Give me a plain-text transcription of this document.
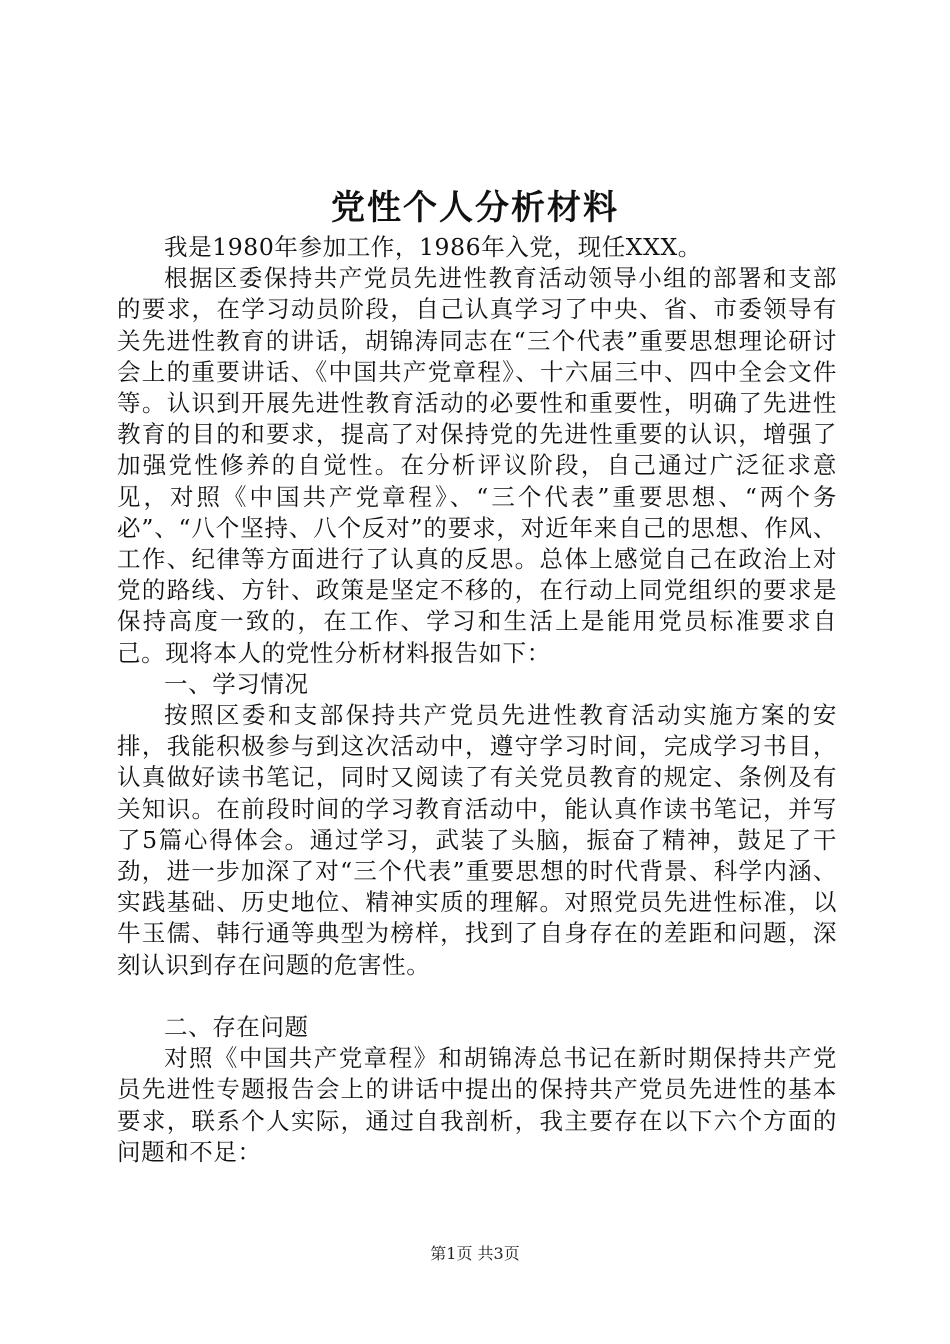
党性个人分析材料

我是1980年参加工作，1986年入党，现任XXX。

根据区委保持共产党员先进性教育活动领导小组的部署和支部的要求，在学习动员阶段，自己认真学习了中央、省、市委领导有关先进性教育的讲话，胡锦涛同志在“三个代表”重要思想理论研讨会上的重要讲话、《中国共产党章程》、十六届三中、四中全会文件等。认识到开展先进性教育活动的必要性和重要性，明确了先进性教育的目的和要求，提高了对保持党的先进性重要的认识，增强了加强党性修养的自觉性。在分析评议阶段，自己通过广泛征求意见，对照《中国共产党章程》、“三个代表”重要思想、“两个务必”、“八个坚持、八个反对”的要求，对近年来自己的思想、作风、工作、纪律等方面进行了认真的反思。总体上感觉自己在政治上对党的路线、方针、政策是坚定不移的，在行动上同党组织的要求是保持高度一致的，在工作、学习和生活上是能用党员标准要求自己。现将本人的党性分析材料报告如下：

一、学习情况

按照区委和支部保持共产党员先进性教育活动实施方案的安排，我能积极参与到这次活动中，遵守学习时间，完成学习书目，认真做好读书笔记，同时又阅读了有关党员教育的规定、条例及有关知识。在前段时间的学习教育活动中，能认真作读书笔记，并写了5篇心得体会。通过学习，武装了头脑，振奋了精神，鼓足了干劲，进一步加深了对“三个代表”重要思想的时代背景、科学内涵、实践基础、历史地位、精神实质的理解。对照党员先进性标准，以牛玉儒、韩行通等典型为榜样，找到了自身存在的差距和问题，深刻认识到存在问题的危害性。

二、存在问题

对照《中国共产党章程》和胡锦涛总书记在新时期保持共产党员先进性专题报告会上的讲话中提出的保持共产党员先进性的基本要求，联系个人实际，通过自我剖析，我主要存在以下六个方面的问题和不足：

第1页 共3页
